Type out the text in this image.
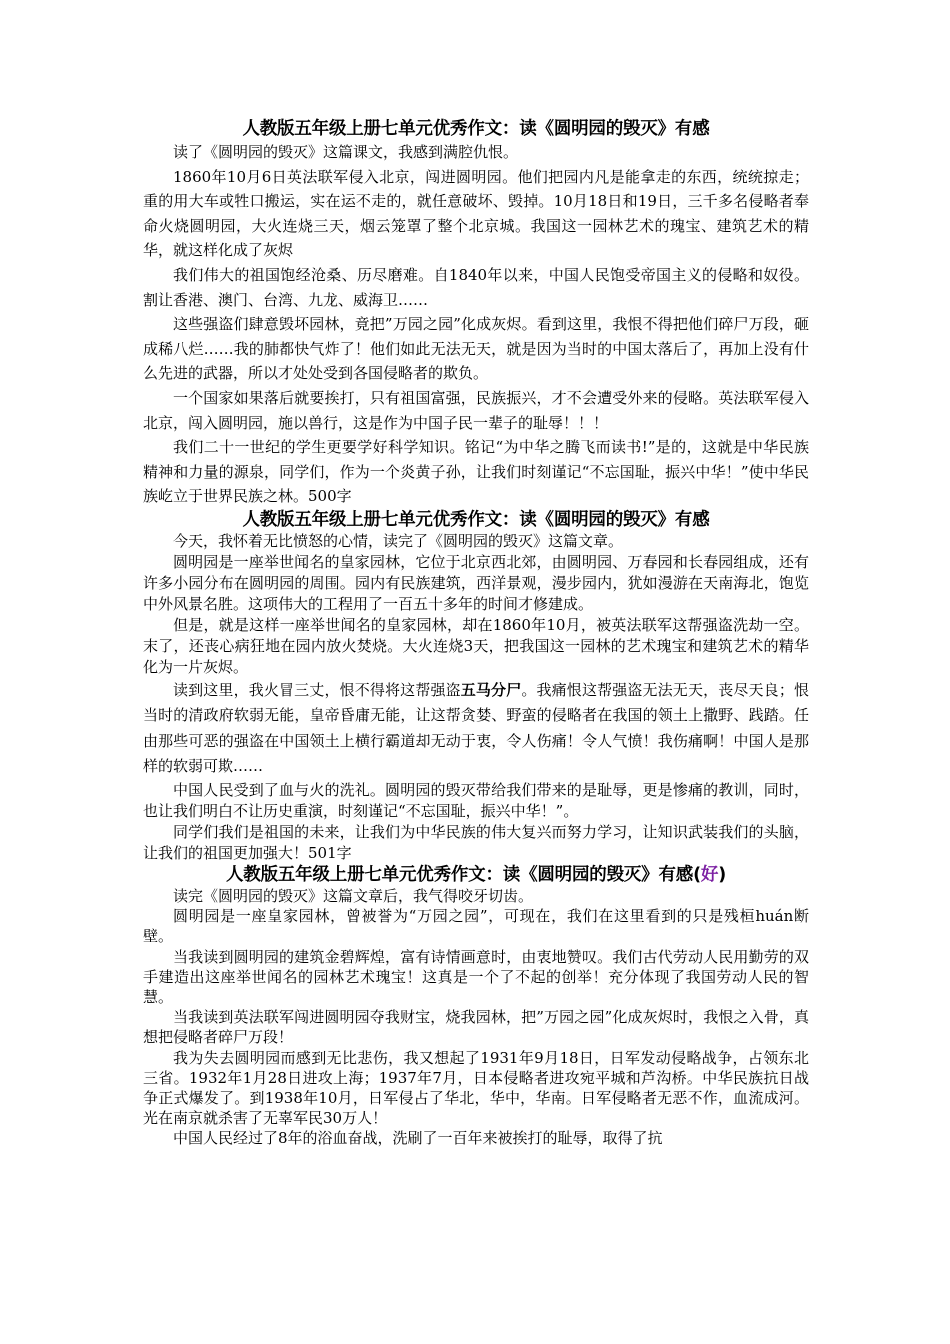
人教版五年级上册七单元优秀作文：读《圆明园的毁灭》有感

读了《圆明园的毁灭》这篇课文，我感到满腔仇恨。

1860年10月6日英法联军侵入北京，闯进圆明园。他们把园内凡是能拿走的东西，统统掠走；重的用大车或牲口搬运，实在运不走的，就任意破坏、毁掉。10月18日和19日，三千多名侵略者奉命火烧圆明园，大火连烧三天，烟云笼罩了整个北京城。我国这一园林艺术的瑰宝、建筑艺术的精华，就这样化成了灰烬

我们伟大的祖国饱经沧桑、历尽磨难。自1840年以来，中国人民饱受帝国主义的侵略和奴役。割让香港、澳门、台湾、九龙、威海卫……

这些强盗们肆意毁坏园林，竟把”万园之园”化成灰烬。看到这里，我恨不得把他们碎尸万段，砸成稀八烂……我的肺都快气炸了！他们如此无法无天，就是因为当时的中国太落后了，再加上没有什么先进的武器，所以才处处受到各国侵略者的欺负。

一个国家如果落后就要挨打，只有祖国富强，民族振兴，才不会遭受外来的侵略。英法联军侵入北京，闯入圆明园，施以兽行，这是作为中国子民一辈子的耻辱！！！

我们二十一世纪的学生更要学好科学知识。铭记“为中华之腾飞而读书!”是的，这就是中华民族精神和力量的源泉，同学们，作为一个炎黄子孙，让我们时刻谨记“不忘国耻，振兴中华！”使中华民族屹立于世界民族之林。500字

人教版五年级上册七单元优秀作文：读《圆明园的毁灭》有感

今天，我怀着无比愤怒的心情，读完了《圆明园的毁灭》这篇文章。

圆明园是一座举世闻名的皇家园林，它位于北京西北郊，由圆明园、万春园和长春园组成，还有许多小园分布在圆明园的周围。园内有民族建筑，西洋景观，漫步园内，犹如漫游在天南海北，饱览中外风景名胜。这项伟大的工程用了一百五十多年的时间才修建成。

但是，就是这样一座举世闻名的皇家园林，却在1860年10月，被英法联军这帮强盗洗劫一空。末了，还丧心病狂地在园内放火焚烧。大火连烧3天，把我国这一园林的艺术瑰宝和建筑艺术的精华化为一片灰烬。

读到这里，我火冒三丈，恨不得将这帮强盗五马分尸。我痛恨这帮强盗无法无天，丧尽天良；恨当时的清政府软弱无能，皇帝昏庸无能，让这帮贪婪、野蛮的侵略者在我国的领土上撒野、践踏。任由那些可恶的强盗在中国领土上横行霸道却无动于衷，令人伤痛！令人气愤！我伤痛啊！中国人是那样的软弱可欺……

中国人民受到了血与火的洗礼。圆明园的毁灭带给我们带来的是耻辱，更是惨痛的教训，同时，也让我们明白不让历史重演，时刻谨记“不忘国耻，振兴中华！”。

同学们我们是祖国的未来，让我们为中华民族的伟大复兴而努力学习，让知识武装我们的头脑，让我们的祖国更加强大！501字

人教版五年级上册七单元优秀作文：读《圆明园的毁灭》有感(好)

读完《圆明园的毁灭》这篇文章后，我气得咬牙切齿。

圆明园是一座皇家园林，曾被誉为“万园之园”，可现在，我们在这里看到的只是残桓huán断壁。

当我读到圆明园的建筑金碧辉煌，富有诗情画意时，由衷地赞叹。我们古代劳动人民用勤劳的双手建造出这座举世闻名的园林艺术瑰宝！这真是一个了不起的创举！充分体现了我国劳动人民的智慧。

当我读到英法联军闯进圆明园夺我财宝，烧我园林，把”万园之园”化成灰烬时，我恨之入骨，真想把侵略者碎尸万段！

我为失去圆明园而感到无比悲伤，我又想起了1931年9月18日，日军发动侵略战争，占领东北三省。1932年1月28日进攻上海；1937年7月，日本侵略者进攻宛平城和芦沟桥。中华民族抗日战争正式爆发了。到1938年10月，日军侵占了华北，华中，华南。日军侵略者无恶不作，血流成河。光在南京就杀害了无辜军民30万人！

中国人民经过了8年的浴血奋战，洗刷了一百年来被挨打的耻辱，取得了抗
